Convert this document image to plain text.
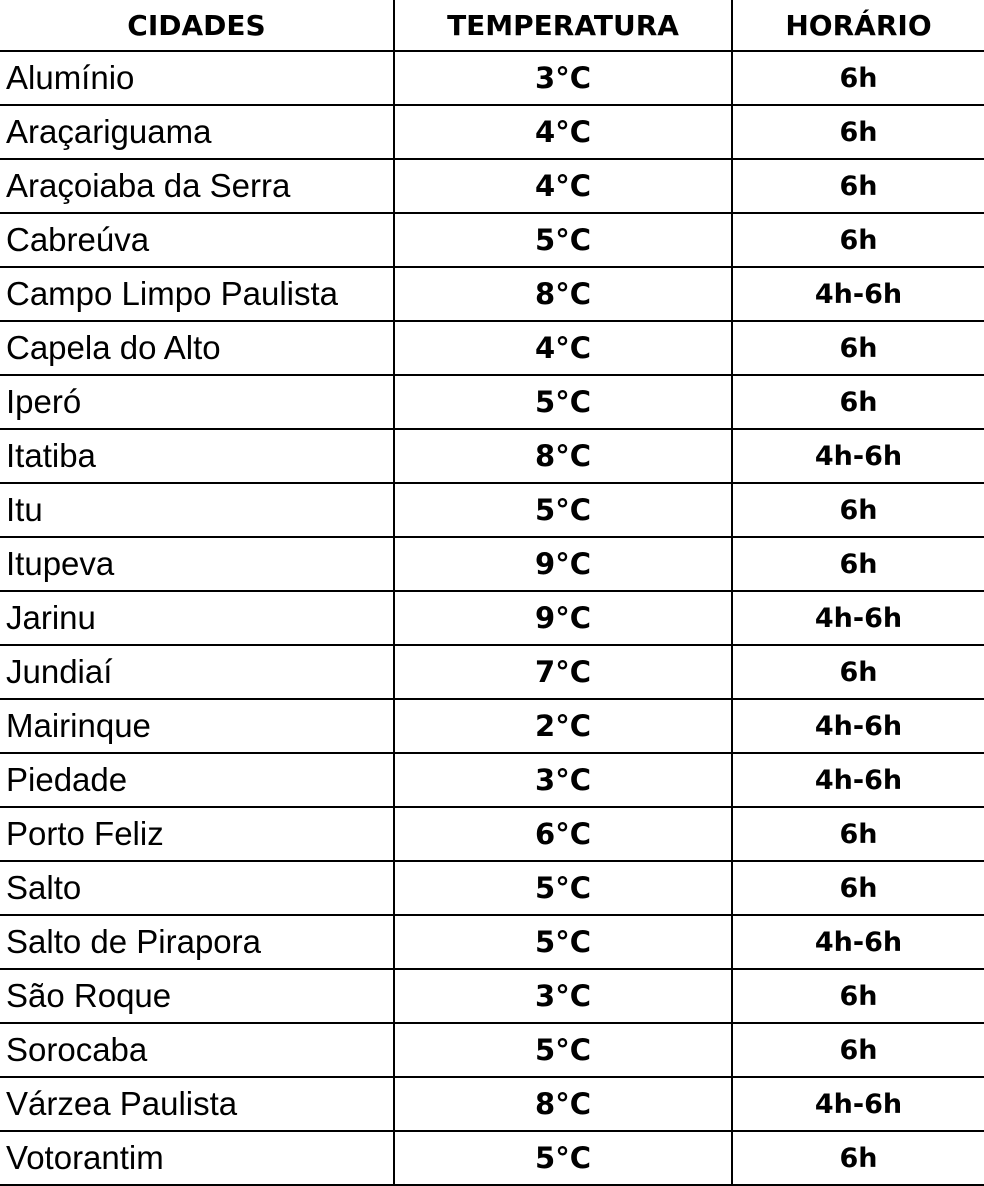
CIDADES	TEMPERATURA	HORÁRIO
Alumínio	3°C	6h
Araçariguama	4°C	6h
Araçoiaba da Serra	4°C	6h
Cabreúva	5°C	6h
Campo Limpo Paulista	8°C	4h-6h
Capela do Alto	4°C	6h
Iperó	5°C	6h
Itatiba	8°C	4h-6h
Itu	5°C	6h
Itupeva	9°C	6h
Jarinu	9°C	4h-6h
Jundiaí	7°C	6h
Mairinque	2°C	4h-6h
Piedade	3°C	4h-6h
Porto Feliz	6°C	6h
Salto	5°C	6h
Salto de Pirapora	5°C	4h-6h
São Roque	3°C	6h
Sorocaba	5°C	6h
Várzea Paulista	8°C	4h-6h
Votorantim	5°C	6h
